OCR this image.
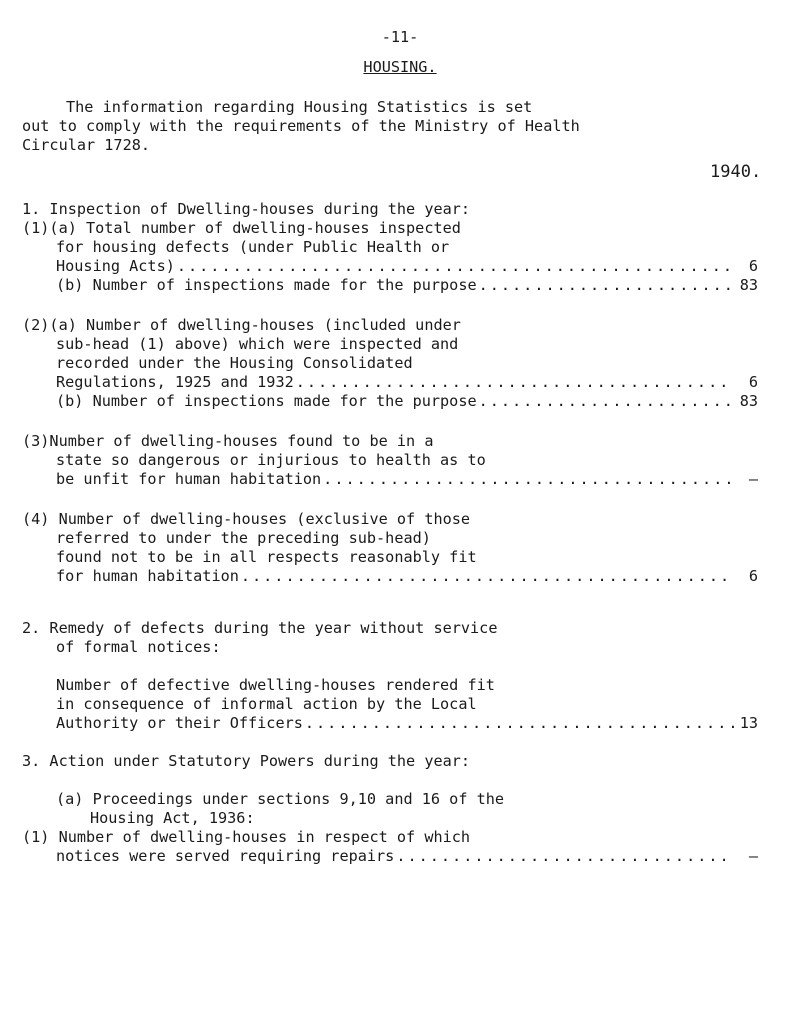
-11-
HOUSING.
The information regarding Housing Statistics is set
out to comply with the requirements of the Ministry of Health
Circular 1728.
1940.
1. Inspection of Dwelling-houses during the year:
(1)(a) Total number of dwelling-houses inspected
for housing defects (under Public Health or
Housing Acts) .....	6
(b) Number of inspections made for the purpose .....	83
(2)(a) Number of dwelling-houses (included under
sub-head (1) above) which were inspected and
recorded under the Housing Consolidated
Regulations, 1925 and 1932 .....	6
(b) Number of inspections made for the purpose .....	83
(3)Number of dwelling-houses found to be in a
state so dangerous or injurious to health as to
be unfit for human habitation .....	–
(4) Number of dwelling-houses (exclusive of those
referred to under the preceding sub-head)
found not to be in all respects reasonably fit
for human habitation .....	6
2. Remedy of defects during the year without service
of formal notices:
Number of defective dwelling-houses rendered fit
in consequence of informal action by the Local
Authority or their Officers .....	13
3. Action under Statutory Powers during the year:
(a) Proceedings under sections 9,10 and 16 of the
Housing Act, 1936:
(1) Number of dwelling-houses in respect of which
notices were served requiring repairs .....	–
